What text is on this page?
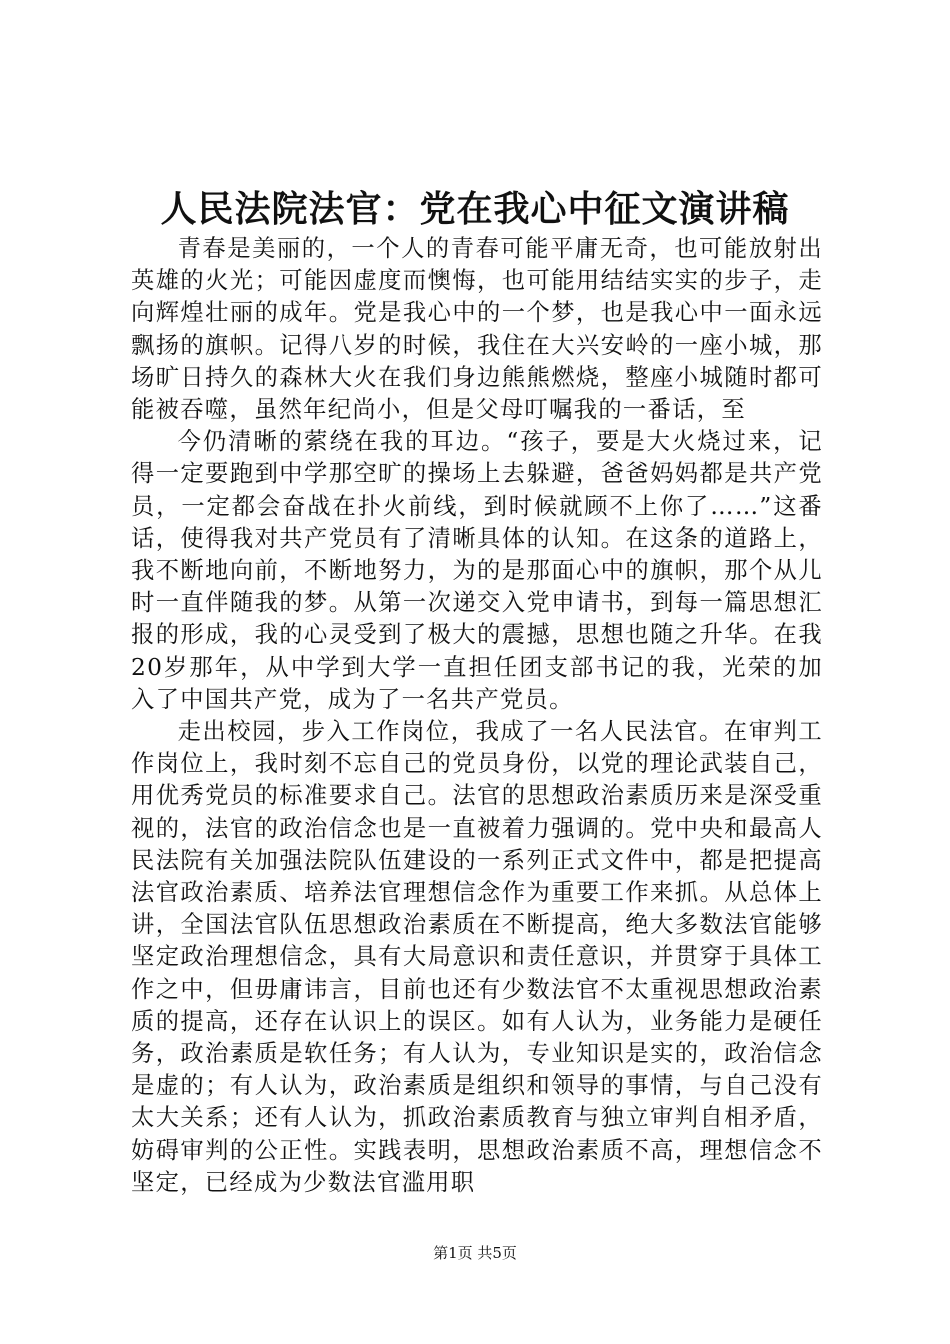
人民法院法官：党在我心中征文演讲稿

青春是美丽的，一个人的青春可能平庸无奇，也可能放射出英雄的火光；可能因虚度而懊悔，也可能用结结实实的步子，走向辉煌壮丽的成年。党是我心中的一个梦，也是我心中一面永远飘扬的旗帜。记得八岁的时候，我住在大兴安岭的一座小城，那场旷日持久的森林大火在我们身边熊熊燃烧，整座小城随时都可能被吞噬，虽然年纪尚小，但是父母叮嘱我的一番话，至

今仍清晰的萦绕在我的耳边。“孩子，要是大火烧过来，记得一定要跑到中学那空旷的操场上去躲避，爸爸妈妈都是共产党员，一定都会奋战在扑火前线，到时候就顾不上你了……”这番话，使得我对共产党员有了清晰具体的认知。在这条的道路上，我不断地向前，不断地努力，为的是那面心中的旗帜，那个从儿时一直伴随我的梦。从第一次递交入党申请书，到每一篇思想汇报的形成，我的心灵受到了极大的震撼，思想也随之升华。在我20岁那年，从中学到大学一直担任团支部书记的我，光荣的加入了中国共产党，成为了一名共产党员。

走出校园，步入工作岗位，我成了一名人民法官。在审判工作岗位上，我时刻不忘自己的党员身份，以党的理论武装自己，用优秀党员的标准要求自己。法官的思想政治素质历来是深受重视的，法官的政治信念也是一直被着力强调的。党中央和最高人民法院有关加强法院队伍建设的一系列正式文件中，都是把提高法官政治素质、培养法官理想信念作为重要工作来抓。从总体上讲，全国法官队伍思想政治素质在不断提高，绝大多数法官能够坚定政治理想信念，具有大局意识和责任意识，并贯穿于具体工作之中，但毋庸讳言，目前也还有少数法官不太重视思想政治素质的提高，还存在认识上的误区。如有人认为，业务能力是硬任务，政治素质是软任务；有人认为，专业知识是实的，政治信念是虚的；有人认为，政治素质是组织和领导的事情，与自己没有太大关系；还有人认为，抓政治素质教育与独立审判自相矛盾，妨碍审判的公正性。实践表明，思想政治素质不高，理想信念不坚定，已经成为少数法官滥用职

第1页 共5页
